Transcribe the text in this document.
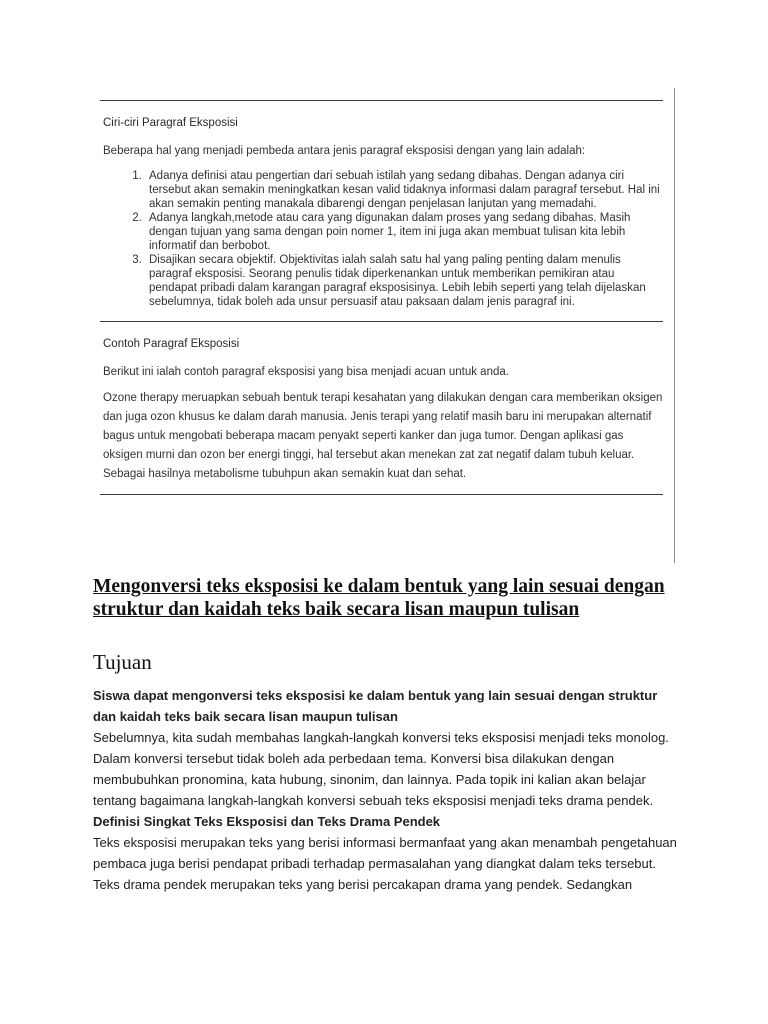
Ciri-ciri Paragraf Eksposisi
Beberapa hal yang menjadi pembeda antara jenis paragraf eksposisi dengan yang lain adalah:
1. Adanya definisi atau pengertian dari sebuah istilah yang sedang dibahas. Dengan adanya ciri tersebut akan semakin meningkatkan kesan valid tidaknya informasi dalam paragraf tersebut. Hal ini akan semakin penting manakala dibarengi dengan penjelasan lanjutan yang memadahi.
2. Adanya langkah,metode atau cara yang digunakan dalam proses yang sedang dibahas. Masih dengan tujuan yang sama dengan poin nomer 1, item ini juga akan membuat tulisan kita lebih informatif dan berbobot.
3. Disajikan secara objektif. Objektivitas ialah salah satu hal yang paling penting dalam menulis paragraf eksposisi. Seorang penulis tidak diperkenankan untuk memberikan pemikiran atau pendapat pribadi dalam karangan paragraf eksposisinya. Lebih lebih seperti yang telah dijelaskan sebelumnya, tidak boleh ada unsur persuasif atau paksaan dalam jenis paragraf ini.
Contoh Paragraf Eksposisi
Berikut ini ialah contoh paragraf eksposisi yang bisa menjadi acuan untuk anda.
Ozone therapy meruapkan sebuah bentuk terapi kesahatan yang dilakukan dengan cara memberikan oksigen dan juga ozon khusus ke dalam darah manusia. Jenis terapi yang relatif masih baru ini merupakan alternatif bagus untuk mengobati beberapa macam penyakt seperti kanker dan juga tumor. Dengan aplikasi gas oksigen murni dan ozon ber energi tinggi, hal tersebut akan menekan zat zat negatif dalam tubuh keluar. Sebagai hasilnya metabolisme tubuhpun akan semakin kuat dan sehat.
Mengonversi teks eksposisi ke dalam bentuk yang lain sesuai dengan struktur dan kaidah teks baik secara lisan maupun tulisan
Tujuan

Siswa dapat mengonversi teks eksposisi ke dalam bentuk yang lain sesuai dengan struktur dan kaidah teks baik secara lisan maupun tulisan

Sebelumnya, kita sudah membahas langkah-langkah konversi teks eksposisi menjadi teks monolog. Dalam konversi tersebut tidak boleh ada perbedaan tema. Konversi bisa dilakukan dengan membubuhkan pronomina, kata hubung, sinonim, dan lainnya. Pada topik ini kalian akan belajar tentang bagaimana langkah-langkah konversi sebuah teks eksposisi menjadi teks drama pendek.

Definisi Singkat Teks Eksposisi dan Teks Drama Pendek

Teks eksposisi merupakan teks yang berisi informasi bermanfaat yang akan menambah pengetahuan pembaca juga berisi pendapat pribadi terhadap permasalahan yang diangkat dalam teks tersebut. Teks drama pendek merupakan teks yang berisi percakapan drama yang pendek. Sedangkan
